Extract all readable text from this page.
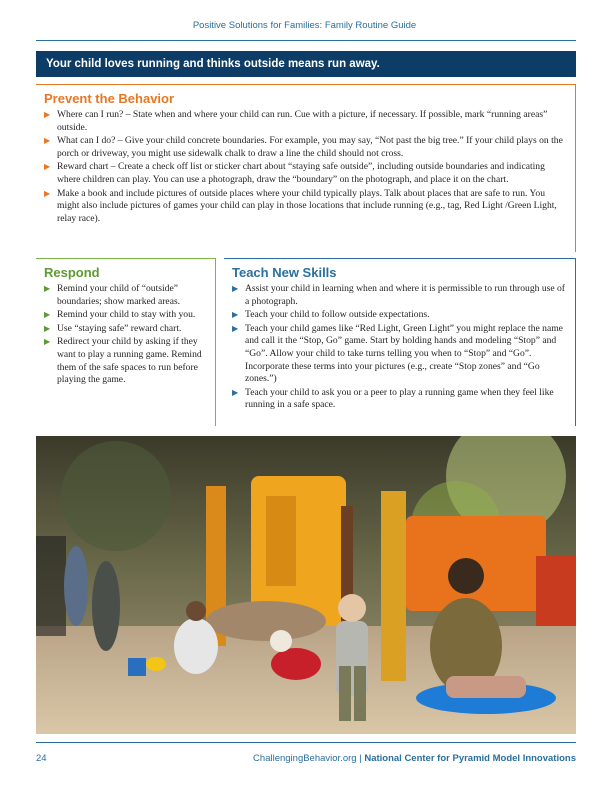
Positive Solutions for Families: Family Routine Guide
Your child loves running and thinks outside means run away.
Prevent the Behavior
▶ Where can I run? – State when and where your child can run. Cue with a picture, if necessary. If possible, mark “running areas” outside.
▶ What can I do? – Give your child concrete boundaries. For example, you may say, “Not past the big tree.” If your child plays on the porch or driveway, you might use sidewalk chalk to draw a line the child should not cross.
▶ Reward chart – Create a check off list or sticker chart about “staying safe outside”, including outside boundaries and indicating where children can play. You can use a photograph, draw the “boundary” on the photograph, and place it on the chart.
▶ Make a book and include pictures of outside places where your child typically plays. Talk about places that are safe to run. You might also include pictures of games your child can play in those locations that include running (e.g., tag, Red Light /Green Light, relay race).
Respond
▶ Remind your child of “outside” boundaries; show marked areas.
▶ Remind your child to stay with you.
▶ Use “staying safe” reward chart.
▶ Redirect your child by asking if they want to play a running game. Remind them of the safe spaces to run before playing the game.
Teach New Skills
▶ Assist your child in learning when and where it is permissible to run through use of a photograph.
▶ Teach your child to follow outside expectations.
▶ Teach your child games like “Red Light, Green Light” you might replace the name and call it the “Stop, Go” game. Start by holding hands and modeling “Stop” and “Go”. Allow your child to take turns telling you when to “Stop” and “Go”. Incorporate these terms into your pictures (e.g., create “Stop zones” and “Go zones.”)
▶ Teach your child to ask you or a peer to play a running game when they feel like running in a safe space.
24	ChallengingBehavior.org | National Center for Pyramid Model Innovations
